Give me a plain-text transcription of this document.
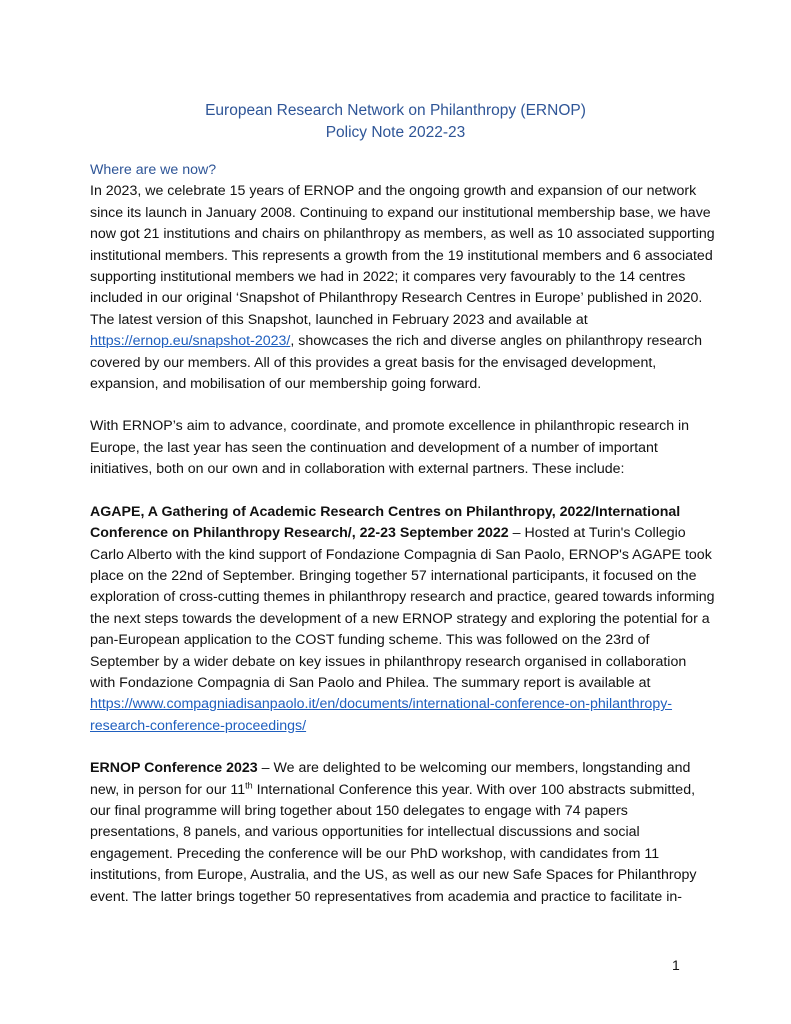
European Research Network on Philanthropy (ERNOP)
Policy Note 2022-23

Where are we now?

In 2023, we celebrate 15 years of ERNOP and the ongoing growth and expansion of our network since its launch in January 2008. Continuing to expand our institutional membership base, we have now got 21 institutions and chairs on philanthropy as members, as well as 10 associated supporting institutional members. This represents a growth from the 19 institutional members and 6 associated supporting institutional members we had in 2022; it compares very favourably to the 14 centres included in our original ‘Snapshot of Philanthropy Research Centres in Europe’ published in 2020. The latest version of this Snapshot, launched in February 2023 and available at https://ernop.eu/snapshot-2023/, showcases the rich and diverse angles on philanthropy research covered by our members. All of this provides a great basis for the envisaged development, expansion, and mobilisation of our membership going forward.

With ERNOP’s aim to advance, coordinate, and promote excellence in philanthropic research in Europe, the last year has seen the continuation and development of a number of important initiatives, both on our own and in collaboration with external partners. These include:

AGAPE, A Gathering of Academic Research Centres on Philanthropy, 2022/International Conference on Philanthropy Research/, 22-23 September 2022 – Hosted at Turin's Collegio Carlo Alberto with the kind support of Fondazione Compagnia di San Paolo, ERNOP's AGAPE took place on the 22nd of September. Bringing together 57 international participants, it focused on the exploration of cross-cutting themes in philanthropy research and practice, geared towards informing the next steps towards the development of a new ERNOP strategy and exploring the potential for a pan-European application to the COST funding scheme. This was followed on the 23rd of September by a wider debate on key issues in philanthropy research organised in collaboration with Fondazione Compagnia di San Paolo and Philea. The summary report is available at https://www.compagniadisanpaolo.it/en/documents/international-conference-on-philanthropy-research-conference-proceedings/

ERNOP Conference 2023 – We are delighted to be welcoming our members, longstanding and new, in person for our 11th International Conference this year. With over 100 abstracts submitted, our final programme will bring together about 150 delegates to engage with 74 papers presentations, 8 panels, and various opportunities for intellectual discussions and social engagement. Preceding the conference will be our PhD workshop, with candidates from 11 institutions, from Europe, Australia, and the US, as well as our new Safe Spaces for Philanthropy event. The latter brings together 50 representatives from academia and practice to facilitate in-

1
